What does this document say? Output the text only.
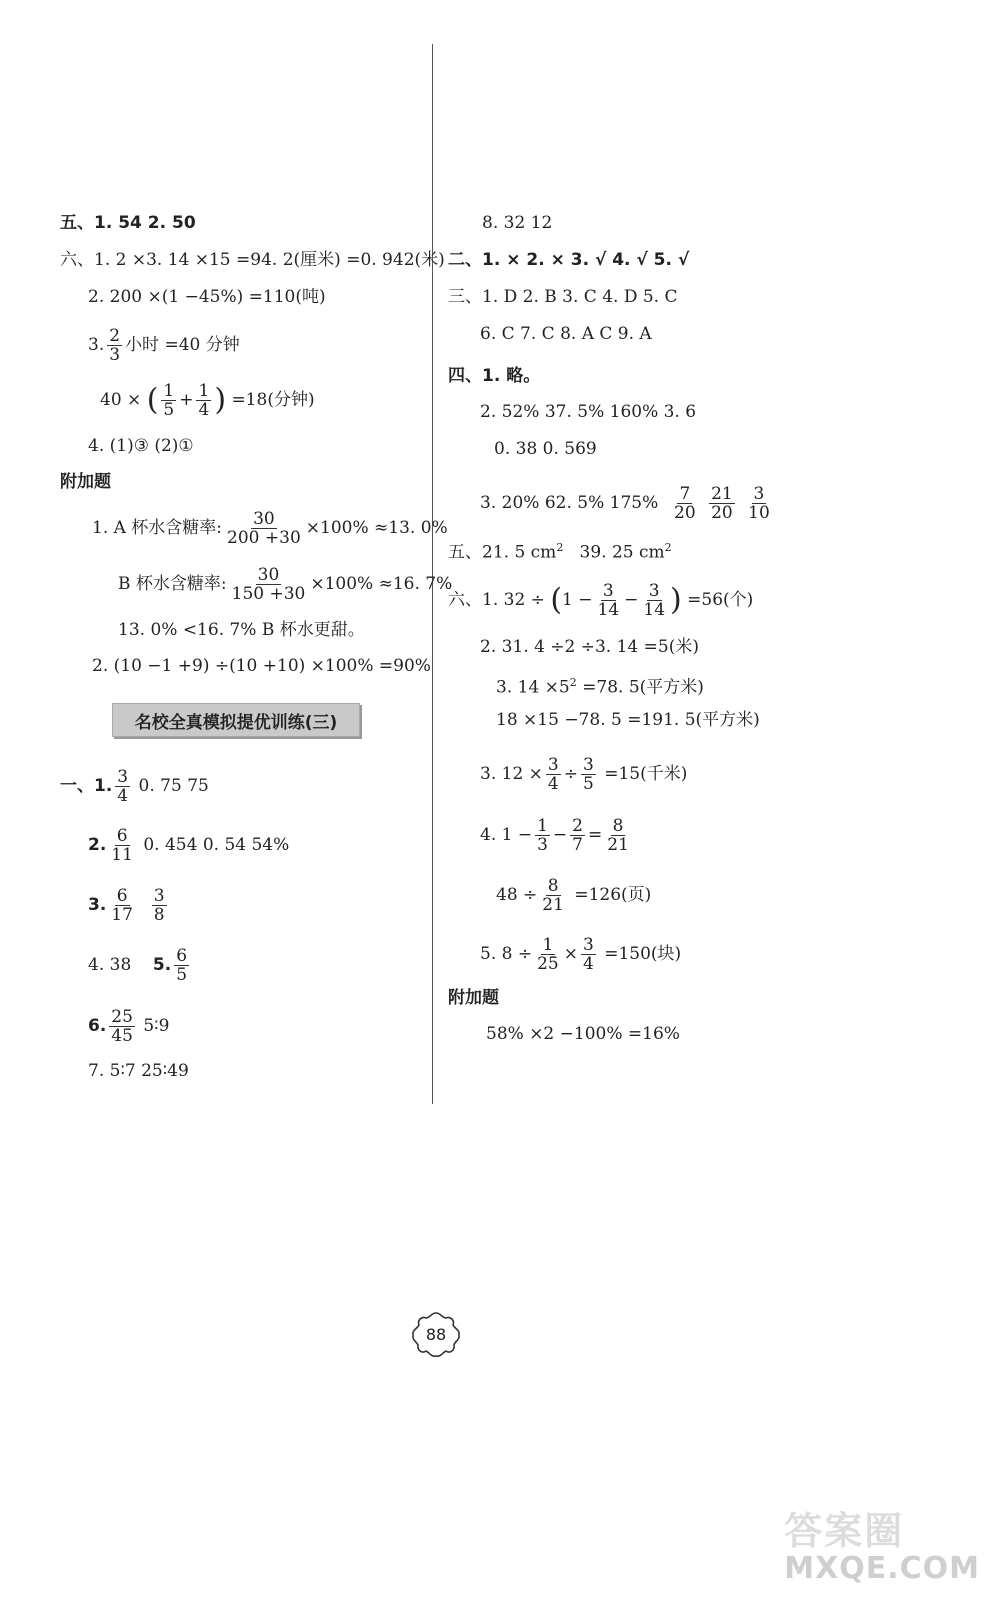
五、1. 54 2. 50
六、1. 2 ×3. 14 ×15 =94. 2(厘米) =0. 942(米)
2. 200 ×(1 −45%) =110(吨)
3. $\frac{2}{3}$ 小时 =40 分钟
40 × ( $\frac{1}{5} + \frac{1}{4}$ ) =18(分钟)
4. (1)③ (2)①
附加题
1. A 杯水含糖率: $\frac{30}{200 +30} \times 100\% \approx 13$. 0%
B 杯水含糖率: $\frac{30}{150 +30} \times 100\% \approx 16$. 7%
13. 0% <16. 7% B 杯水更甜。
2. (10 −1 +9) ÷(10 +10) ×100% =90%
名校全真模拟提优训练(三)
一、1. $\frac{3}{4} 0$. 75 75
2. $\frac{6}{11} 0$. 454 0. 54 54%
3. $\frac{6}{17}$
$\frac{3}{8}$
4. 38 5. $\frac{6}{5}$
6. $\frac{25}{45}$ 5∶9
7. 5∶7 25∶49
8. 32 12
二、1. × 2. × 3. √ 4. √ 5. √
三、1. D 2. B 3. C 4. D 5. C
6. C 7. C 8. A C 9. A
四、1. 略。
2. 52% 37. 5% 160% 3. 6
0. 38 0. 569
3. 20% 62. 5% $175\% \frac{7}{20}$
$\frac{21}{20}$
$\frac{3}{10}$
五、21. 5 $cm^2$ 39. 25 $cm^2$
六、1. $32 \div (1 - \frac{3}{14} - \frac{3}{14}$ ) =56(个)
2. 31. 4 ÷2 ÷3. 14 =5(米)
3. $14 \times 5^2 =78$. 5(平方米)
18 ×15 −78. 5 =191. 5(平方米)
3. $12 \times \frac{3}{4} \div \frac{3}{5} =15$(千米)
4. $1 - \frac{1}{3} - \frac{2}{7} = \frac{8}{21}$
$48 \div \frac{8}{21} =126$(页)
5. $8 \div \frac{1}{25} \times \frac{3}{4} =150$(块)
附加题
58% ×2 −100% =16%
88
答案圈
MXQE.COM
